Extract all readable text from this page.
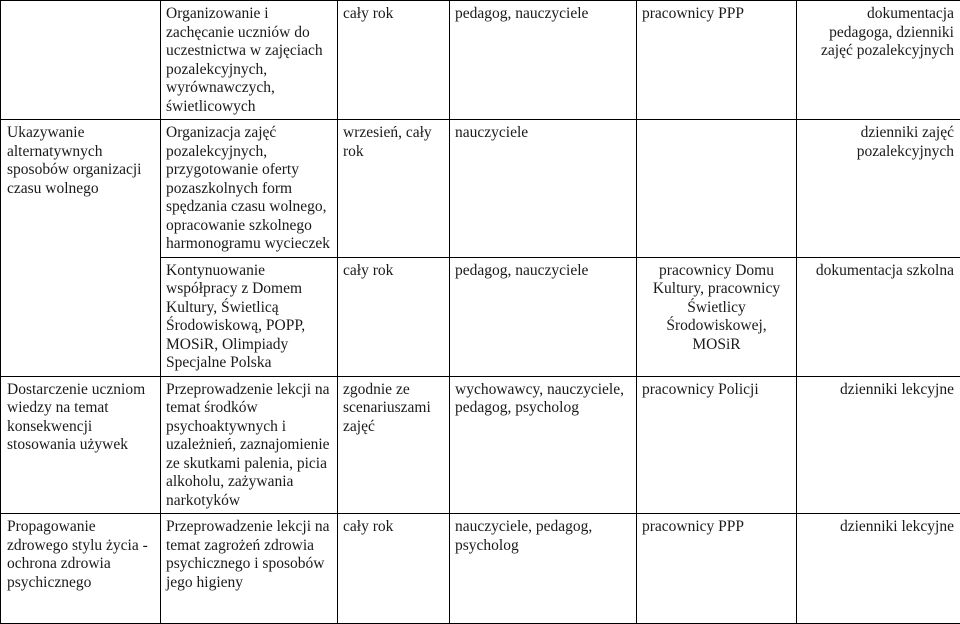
	Organizowanie i zachęcanie uczniów do uczestnictwa w zajęciach pozalekcyjnych, wyrównawczych, świetlicowych	cały rok	pedagog, nauczyciele	pracownicy PPP	dokumentacja pedagoga, dzienniki zajęć pozalekcyjnych

Ukazywanie alternatywnych sposobów organizacji czasu wolnego	Organizacja zajęć pozalekcyjnych, przygotowanie oferty pozaszkolnych form spędzania czasu wolnego, opracowanie szkolnego harmonogramu wycieczek	wrzesień, cały rok	nauczyciele		dzienniki zajęć pozalekcyjnych

	Kontynuowanie współpracy z Domem Kultury, Świetlicą Środowiskową, POPP, MOSiR, Olimpiady Specjalne Polska	cały rok	pedagog, nauczyciele	pracownicy Domu Kultury, pracownicy Świetlicy Środowiskowej, MOSiR	dokumentacja szkolna

Dostarczenie uczniom wiedzy na temat konsekwencji stosowania używek	Przeprowadzenie lekcji na temat środków psychoaktywnych i uzależnień, zaznajomienie ze skutkami palenia, picia alkoholu, zażywania narkotyków	zgodnie ze scenariuszami zajęć	wychowawcy, nauczyciele, pedagog, psycholog	pracownicy Policji	dzienniki lekcyjne

Propagowanie zdrowego stylu życia - ochrona zdrowia psychicznego	Przeprowadzenie lekcji na temat zagrożeń zdrowia psychicznego i sposobów jego higieny	cały rok	nauczyciele, pedagog, psycholog	pracownicy PPP	dzienniki lekcyjne
